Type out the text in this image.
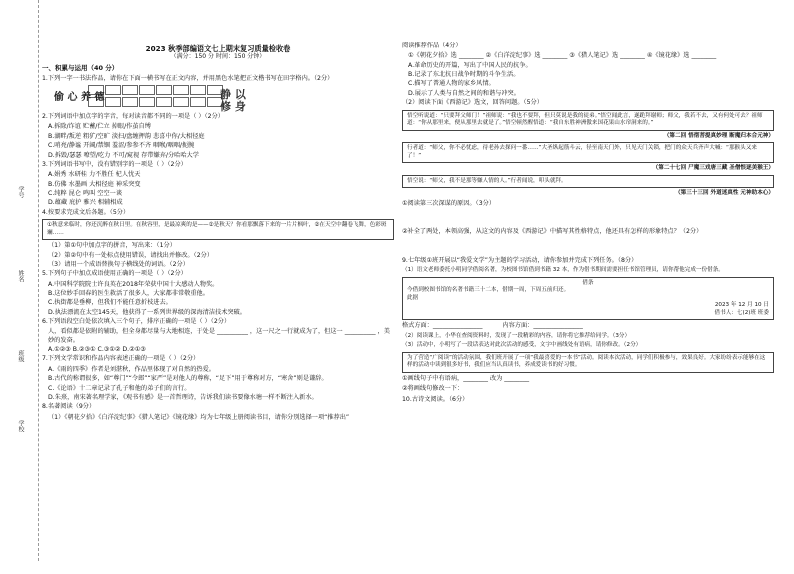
学号
姓名
班级
学校
2023 秋季部编语文七上期末复习质量检收卷
（满分：150 分 时间：150 分钟）
一、积累与运用（40 分）
1.下列一字一书法作品，请你在下面一横书写在正文内容，并用黑色水笔把正文楷书写在田字格内。（2分）
2.下列词语中加点字的字音，每对读音都不同的一项是（ ）（2分）
A.拆除/诈谊 贮蓄/伫立 掉眼/作茧自缚
B.湖畔/叛逆 粗犷/空旷 淡扫/盘缠押韵 悲喜中你/大相径庭
C.哨亮/静谧 开阔/禁锢 羞涩/参参不齐 咽喉/咽咽/扼腕
D.拆毁/瑟瑟 嘹望/吃力 不可/窥视 存带嫌弃/分哈哈大学
3.下列词语书写中，没有错别字的一项是（ ）（2分）
A.娟秀 水研桂 力不胜任 杞人忧天
B.仿佛 水墨画 大相径庭 神采突变
C.纯粹 昆仑 鸣叫 空空一谈
D.蕴藏 庇护 雅兴 相辅相成
4.按要求完成文后各题。（5分）
①秋意来临时，你还沉醉在秋日里。在秋容里，是最凉爽的是——②是秋天？你看那飘落下来的一片片枫叶，②在天空中翻卷飞舞，色彩斑斓……
（1）第①句中加点字的拼音，写出来：（1分）
（2）第②句中有一处标点使用错误，请找出并修改。（2分）
（3）请用一个成语替换句子横线处的词语。（2分）
5.下列句子中加点成语使用正确的一项是（ ）（2分）
A.中国科学院院士许良英在2018年荣获中国十大感动人物奖。
B.这位妙手回春的医生救活了很多人，大家都非常敬重他。
C.执街都是垂柳，但我们不能任意折枝进去。
D.执法漂流在太空145天，他获得了一系列世界级的深海清洁技术突破。
6.下列语段空白处依次填入三个句子，排序正确的一项是（ ）（2分）
人，看似都是依附的辅助，但全身都尽量与大地相连，于处是 __________ ，这一尺之一行就成为了，但这一 __________ ，美妙的发奋。
A.①②③ B.②③① C.③①② D.②①③
7.下列文学常识和作品内容表述正确的一项是（ ）（2分）
A.《雨的四季》作者是刘湛秋，作品里体现了对自然的热爱。
B.古代的称谓很多，如“尊门”“令郎”“家严”是对他人的尊称，“足下”用于尊称对方，“寒舍”则是谦辞。
C.《论语》十二章记录了孔子和他的弟子们的言行。
D.朱熹，南宋著名理学家，《观书有感》是一首哲理诗，告诉我们读书要像水塘一样不断注入新水。
8.名著阅读（9分）
（1）《朝花夕拾》《白洋淀纪事》《猎人笔记》《镜花缘》均为七年级上册阅读书目，请你分别选择一项“推荐出”
偷 心 养 德	静 以 修 身
阅读推荐作品（4分）
①《朝花夕拾》选 ________ ②《白洋淀纪事》选 ________ ③《猎人笔记》选 ________ ④《镜花缘》选 ________
A.革命历史的开篇，写出了中国人民的抗争。
B.记录了东北抗日战争时期的斗争生活。
C.描写了普通人物的家乡风情。
D.展示了人类与自然之间的和谐与冲突。
（2）阅读下面《西游记》选文，回答问题。（5分）
悟空听说道：“只要拜父师门！”祖师说：“我也不要拜，但只莫说是我的徒弟。”悟空闻此言，遂跪拜谢师；师父，我若不去，又有何处可去？祖师道：“你从那里来，便从那里去就是了。”悟空顿然醒悟道：“我自东胜神洲傲来国花果山水帘洞来的。”
（第二回 悟彻菩提真妙理 断魔归本合元神）
行者道：“师父，你不必忧虑，待老孙去探问一番……”大圣纵起筋斗云，径至南天门外，只见天门关锁，把门的众天兵齐声大喊：“那猴头又来了！”
（第二十七回 尸魔三戏唐三藏 圣僧恨逐美猴王）
悟空说：“师父，我不是那等嫌人情的人。”行者闻说，叩头就拜。
（第三十三回 外道迷真性 元神助本心）
①阅读第三次深谋的原因。（3分）
②补全了两处，本领高强，从这文的内容及《西游记》中描写其性格特点，他还具有怎样的形象特点？（2分）
9.七年级①班开展以“我爱文学”为主题的学习活动，请你参加并完成下列任务。（8分）
（1）语文老师委托小明同学借阅名著，为校图书馆借到书籍 32 本，作为借书期间需要担任书馆管理员，请你帮他完成一份借条。
借条
今借到校图书馆的名著书籍三十二本，借期一周，下周五前归还。
此据
2023 年 12 月 10 日
借书人：七(2)班 班委
格式方面：________________	内容方面：________________
（2）阅读课上，小华在查阅资料时，发现了一段精彩的内容，请你将它推荐给同学。（3分）
（3）活动中，小明写了一段话表达对此次活动的感受，文字中画线处有语病，请你修改。（2分）
为了营造“广阅读”的活动氛围，我们班开展了一项“我最喜爱的一本书”活动。阅读本次活动，同学们积极参与，效果良好。大家纷纷表示能够在这样的活动中读到很多好书，我们应当认真读书，养成爱读书的好习惯。
①画线句子中有语病，________ 改为 ________
②将画线句修改一下：
10.古诗文阅读。（6分）
